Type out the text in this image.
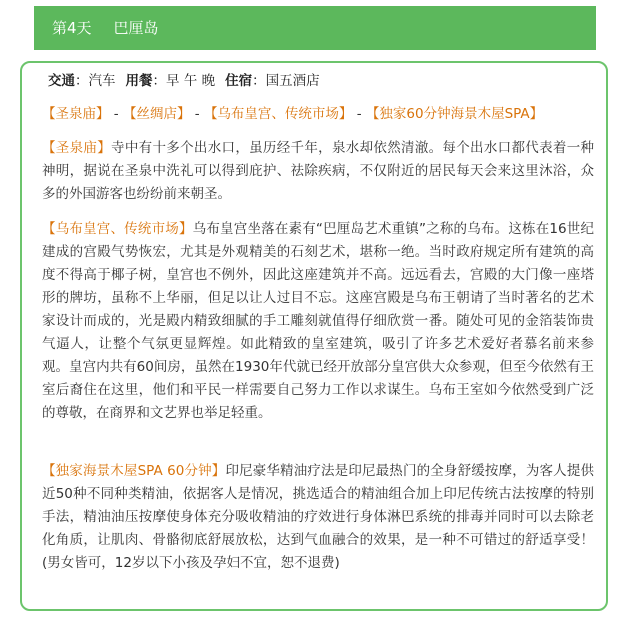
第4天 巴厘岛
交通：汽车 用餐：早 午 晚 住宿：国五酒店
【圣泉庙】 - 【丝绸店】 - 【乌布皇宫、传统市场】 - 【独家60分钟海景木屋SPA】
【圣泉庙】寺中有十多个出水口，虽历经千年，泉水却依然清澈。每个出水口都代表着一种神明，据说在圣泉中洗礼可以得到庇护、祛除疾病，不仅附近的居民每天会来这里沐浴，众多的外国游客也纷纷前来朝圣。
【乌布皇宫、传统市场】乌布皇宫坐落在素有“巴厘岛艺术重镇”之称的乌布。这栋在16世纪建成的宫殿气势恢宏，尤其是外观精美的石刻艺术，堪称一绝。当时政府规定所有建筑的高度不得高于椰子树，皇宫也不例外，因此这座建筑并不高。远远看去，宫殿的大门像一座塔形的牌坊，虽称不上华丽，但足以让人过目不忘。这座宫殿是乌布王朝请了当时著名的艺术家设计而成的，光是殿内精致细腻的手工雕刻就值得仔细欣赏一番。随处可见的金箔装饰贵气逼人，让整个气氛更显辉煌。如此精致的皇室建筑，吸引了许多艺术爱好者慕名前来参观。皇宫内共有60间房，虽然在1930年代就已经开放部分皇宫供大众参观，但至今依然有王室后裔住在这里，他们和平民一样需要自己努力工作以求谋生。乌布王室如今依然受到广泛的尊敬，在商界和文艺界也举足轻重。
【独家海景木屋SPA 60分钟】印尼豪华精油疗法是印尼最热门的全身舒缓按摩，为客人提供近50种不同种类精油，依据客人是情况，挑选适合的精油组合加上印尼传统古法按摩的特别手法，精油油压按摩使身体充分吸收精油的疗效进行身体淋巴系统的排毒并同时可以去除老化角质，让肌肉、骨骼彻底舒展放松，达到气血融合的效果，是一种不可错过的舒适享受！(男女皆可，12岁以下小孩及孕妇不宜，恕不退费)
